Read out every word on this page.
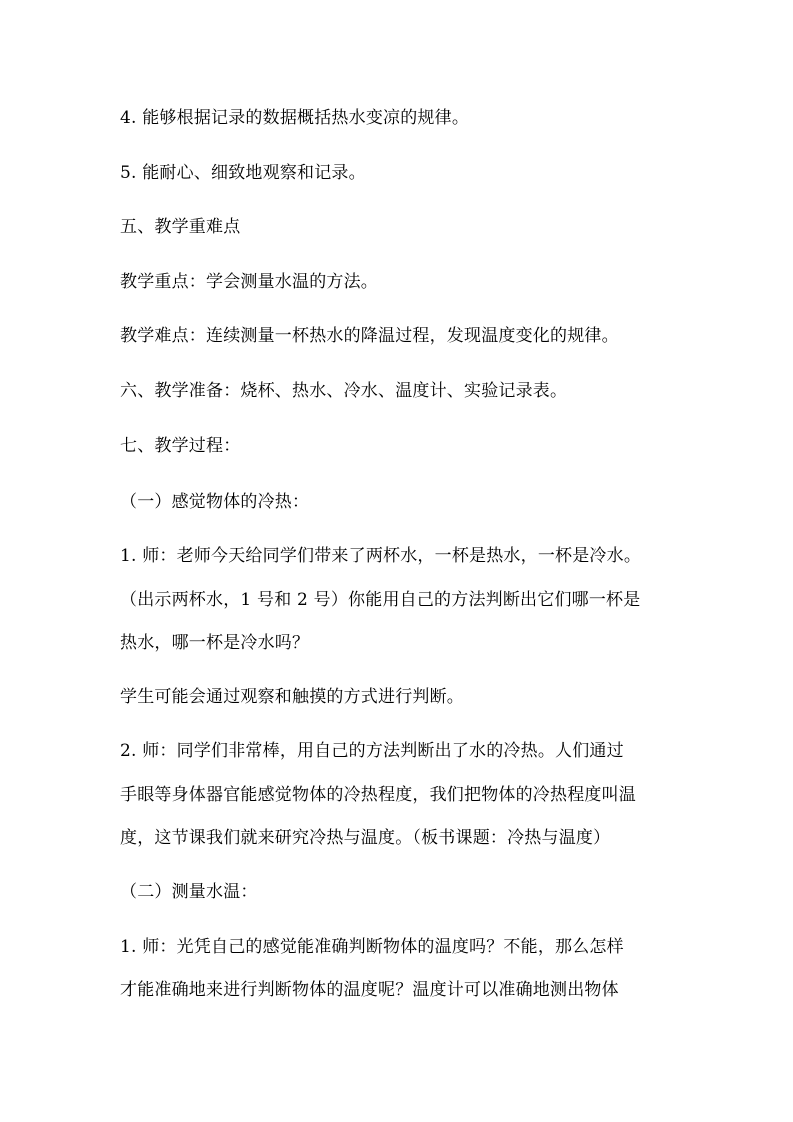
4. 能够根据记录的数据概括热水变凉的规律。
5. 能耐心、细致地观察和记录。
五、教学重难点
教学重点：学会测量水温的方法。
教学难点：连续测量一杯热水的降温过程，发现温度变化的规律。
六、教学准备：烧杯、热水、冷水、温度计、实验记录表。
七、教学过程：
（一）感觉物体的冷热：
1. 师：老师今天给同学们带来了两杯水，一杯是热水，一杯是冷水。
（出示两杯水，1 号和 2 号）你能用自己的方法判断出它们哪一杯是
热水，哪一杯是冷水吗？
学生可能会通过观察和触摸的方式进行判断。
2. 师：同学们非常棒，用自己的方法判断出了水的冷热。人们通过
手眼等身体器官能感觉物体的冷热程度，我们把物体的冷热程度叫温
度，这节课我们就来研究冷热与温度。（板书课题：冷热与温度）
（二）测量水温：
1. 师：光凭自己的感觉能准确判断物体的温度吗？不能，那么怎样
才能准确地来进行判断物体的温度呢？温度计可以准确地测出物体
